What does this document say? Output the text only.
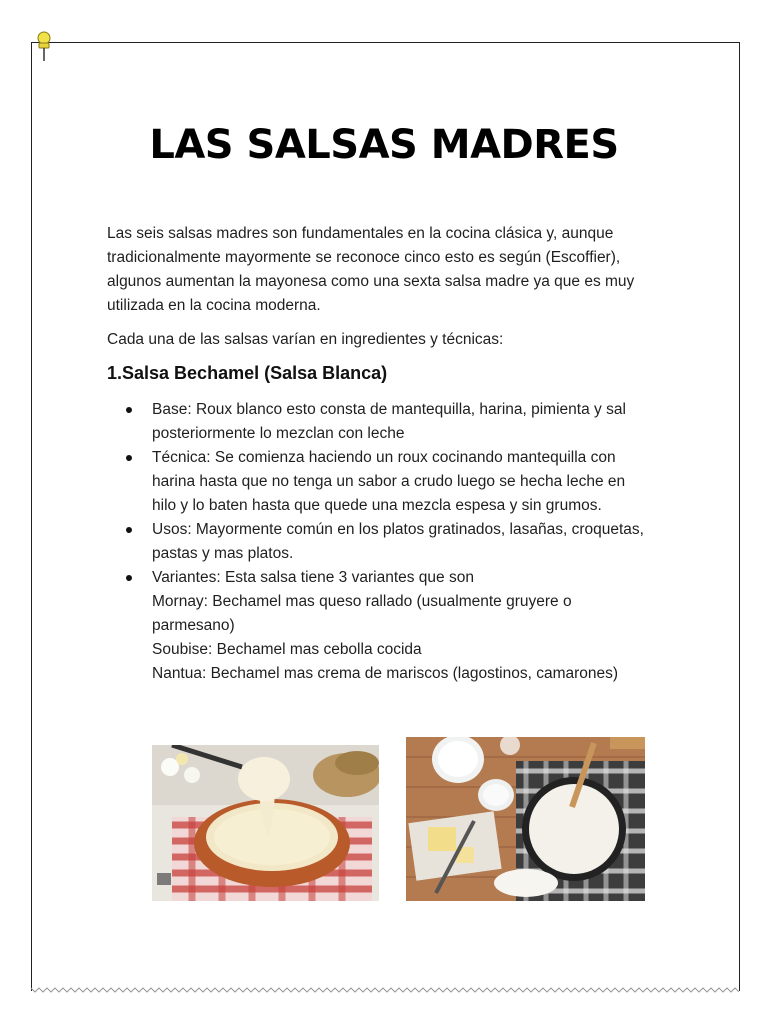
LAS SALSAS MADRES
Las seis salsas madres son fundamentales en la cocina clásica y, aunque
tradicionalmente mayormente se reconoce cinco esto es según (Escoffier),
algunos aumentan la mayonesa como una sexta salsa madre ya que es muy
utilizada en la cocina moderna.
Cada una de las salsas varían en ingredientes y técnicas:
1.Salsa Bechamel (Salsa Blanca)
Base: Roux blanco esto consta de mantequilla, harina, pimienta y sal
posteriormente lo mezclan con leche
Técnica: Se comienza haciendo un roux cocinando mantequilla con
harina hasta que no tenga un sabor a crudo luego se hecha leche en
hilo y lo baten hasta que quede una mezcla espesa y sin grumos.
Usos: Mayormente común en los platos gratinados, lasañas, croquetas,
pastas y mas platos.
Variantes: Esta salsa tiene 3 variantes que son
Mornay: Bechamel mas queso rallado (usualmente gruyere o
parmesano)
Soubise: Bechamel mas cebolla cocida
Nantua: Bechamel mas crema de mariscos (lagostinos, camarones)
